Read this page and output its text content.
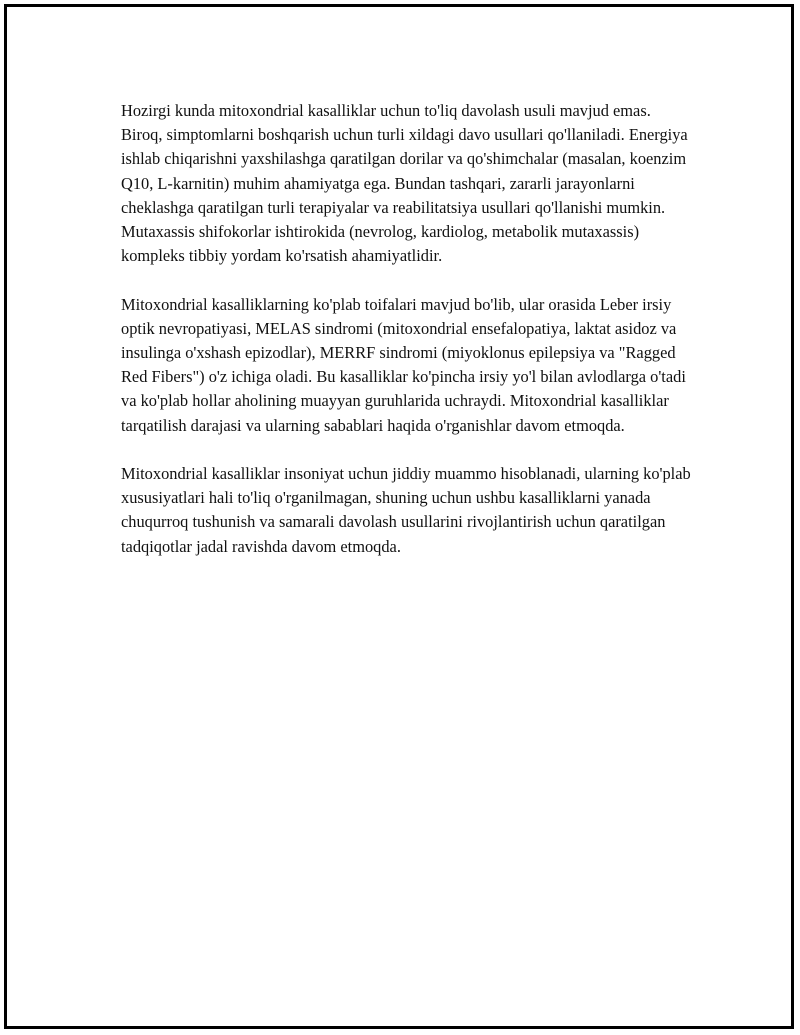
Hozirgi kunda mitoxondrial kasalliklar uchun to'liq davolash usuli mavjud emas. Biroq, simptomlarni boshqarish uchun turli xildagi davo usullari qo'llaniladi. Energiya ishlab chiqarishni yaxshilashga qaratilgan dorilar va qo'shimchalar (masalan, koenzim Q10, L-karnitin) muhim ahamiyatga ega. Bundan tashqari, zararli jarayonlarni cheklashga qaratilgan turli terapiyalar va reabilitatsiya usullari qo'llanishi mumkin. Mutaxassis shifokorlar ishtirokida (nevrolog, kardiolog, metabolik mutaxassis) kompleks tibbiy yordam ko'rsatish ahamiyatlidir.

Mitoxondrial kasalliklarning ko'plab toifalari mavjud bo'lib, ular orasida Leber irsiy optik nevropatiyasi, MELAS sindromi (mitoxondrial ensefalopatiya, laktat asidoz va insulinga o'xshash epizodlar), MERRF sindromi (miyoklonus epilepsiya va "Ragged Red Fibers") o'z ichiga oladi. Bu kasalliklar ko'pincha irsiy yo'l bilan avlodlarga o'tadi va ko'plab hollar aholining muayyan guruhlarida uchraydi. Mitoxondrial kasalliklar tarqatilish darajasi va ularning sabablari haqida o'rganishlar davom etmoqda.

Mitoxondrial kasalliklar insoniyat uchun jiddiy muammo hisoblanadi, ularning ko'plab xususiyatlari hali to'liq o'rganilmagan, shuning uchun ushbu kasalliklarni yanada chuqurroq tushunish va samarali davolash usullarini rivojlantirish uchun qaratilgan tadqiqotlar jadal ravishda davom etmoqda.
